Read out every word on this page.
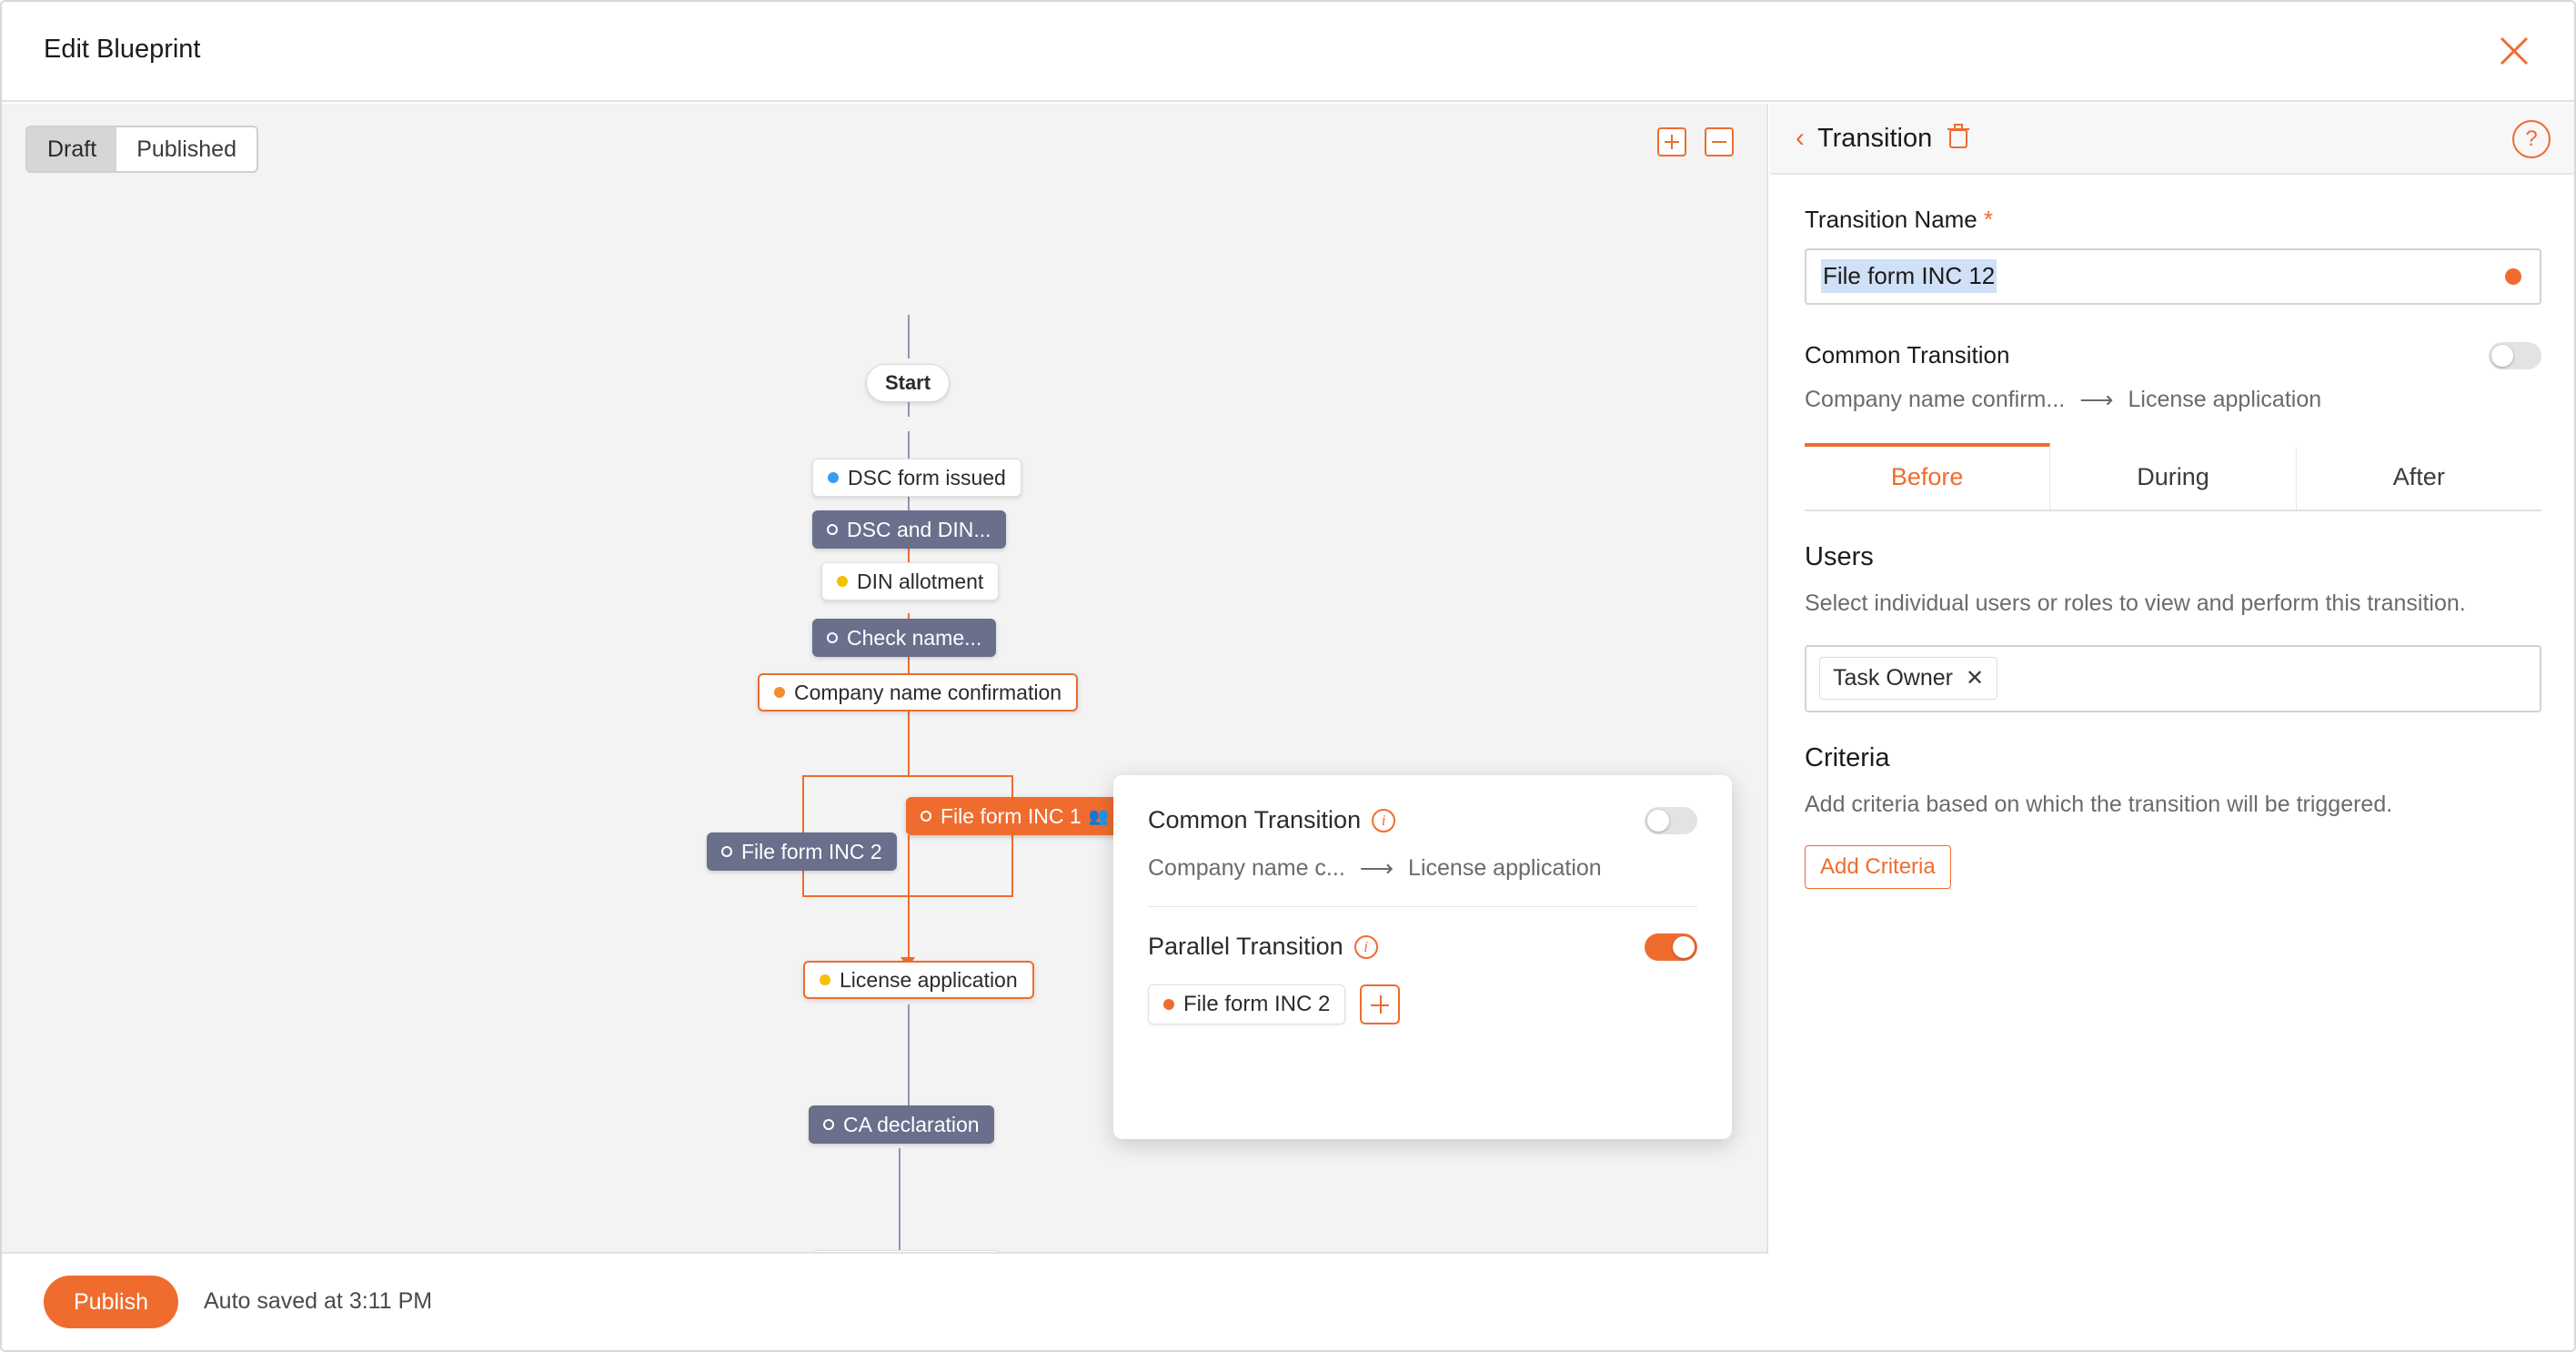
Edit Blueprint
Draft	Published
Start
DSC form issued
DSC and DIN...
DIN allotment
Check name...
Company name confirmation
File form INC 1 👥
File form INC 2
License application
CA declaration
Common Transition	i
Company name c... ⟶ License application
Parallel Transition	i
File form INC 2
Publish	Auto saved at 3:11 PM
‹ Transition	?
Transition Name *
File form INC 12
File form INC 12
Common Transition
Company name confirm... ⟶ License application
Before	During	After
Users
Select individual users or roles to view and perform this transition.
Task Owner ✕
Criteria
Add criteria based on which the transition will be triggered.
Add Criteria
